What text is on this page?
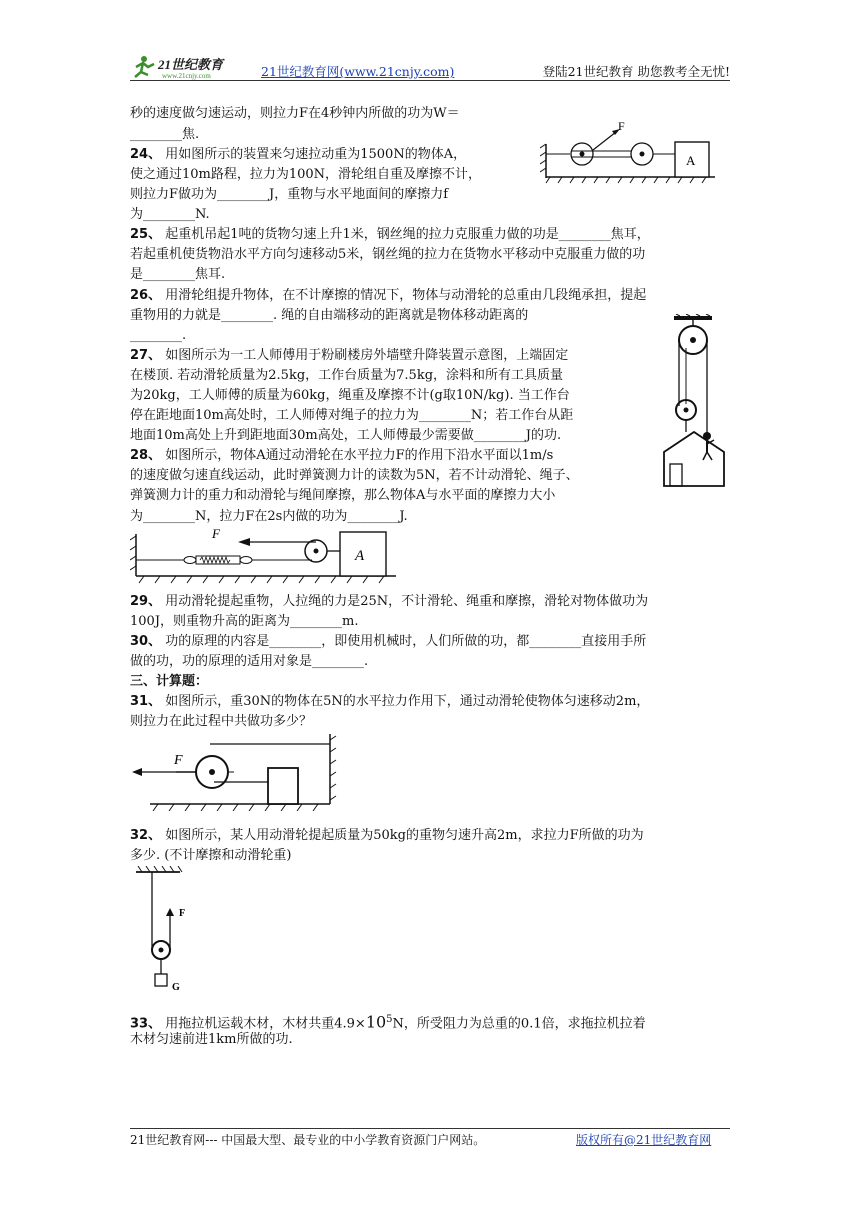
21世纪教育
www.21cnjy.com	21世纪教育网(www.21cnjy.com)	登陆21世纪教育 助您教考全无忧!
秒的速度做匀速运动，则拉力F在4秒钟内所做的功为W＝
________焦.
24、 用如图所示的装置来匀速拉动重为1500N的物体A，
使之通过10m路程，拉力为100N，滑轮组自重及摩擦不计，
则拉力F做功为________J，重物与水平地面间的摩擦力f
为________N.
F
A
25、 起重机吊起1吨的货物匀速上升1米，钢丝绳的拉力克服重力做的功是________焦耳，
若起重机使货物沿水平方向匀速移动5米，钢丝绳的拉力在货物水平移动中克服重力做的功
是________焦耳.
26、 用滑轮组提升物体，在不计摩擦的情况下，物体与动滑轮的总重由几段绳承担，提起
重物用的力就是________. 绳的自由端移动的距离就是物体移动距离的
________.
27、 如图所示为一工人师傅用于粉刷楼房外墙壁升降装置示意图，上端固定
在楼顶. 若动滑轮质量为2.5kg，工作台质量为7.5kg，涂料和所有工具质量
为20kg，工人师傅的质量为60kg，绳重及摩擦不计(g取10N/kg). 当工作台
停在距地面10m高处时，工人师傅对绳子的拉力为________N；若工作台从距
地面10m高处上升到距地面30m高处，工人师傅最少需要做________J的功.
28、 如图所示，物体A通过动滑轮在水平拉力F的作用下沿水平面以1m/s
的速度做匀速直线运动，此时弹簧测力计的读数为5N，若不计动滑轮、绳子、
弹簧测力计的重力和动滑轮与绳间摩擦，那么物体A与水平面的摩擦力大小
为________N，拉力F在2s内做的功为________J.
F
A
29、 用动滑轮提起重物，人拉绳的力是25N，不计滑轮、绳重和摩擦，滑轮对物体做功为
100J，则重物升高的距离为________m.
30、 功的原理的内容是________，即使用机械时，人们所做的功，都________直接用手所
做的功，功的原理的适用对象是________.
三、计算题：
31、 如图所示，重30N的物体在5N的水平拉力作用下，通过动滑轮使物体匀速移动2m，
则拉力在此过程中共做功多少？
F
32、 如图所示，某人用动滑轮提起质量为50kg的重物匀速升高2m，求拉力F所做的功为
多少. (不计摩擦和动滑轮重)
F
G
33、 用拖拉机运载木材，木材共重$4.9\times 10^5N$，所受阻力为总重的0.1倍，求拖拉机拉着
木材匀速前进1km所做的功.
21世纪教育网--- 中国最大型、最专业的中小学教育资源门户网站。	版权所有@21世纪教育网
